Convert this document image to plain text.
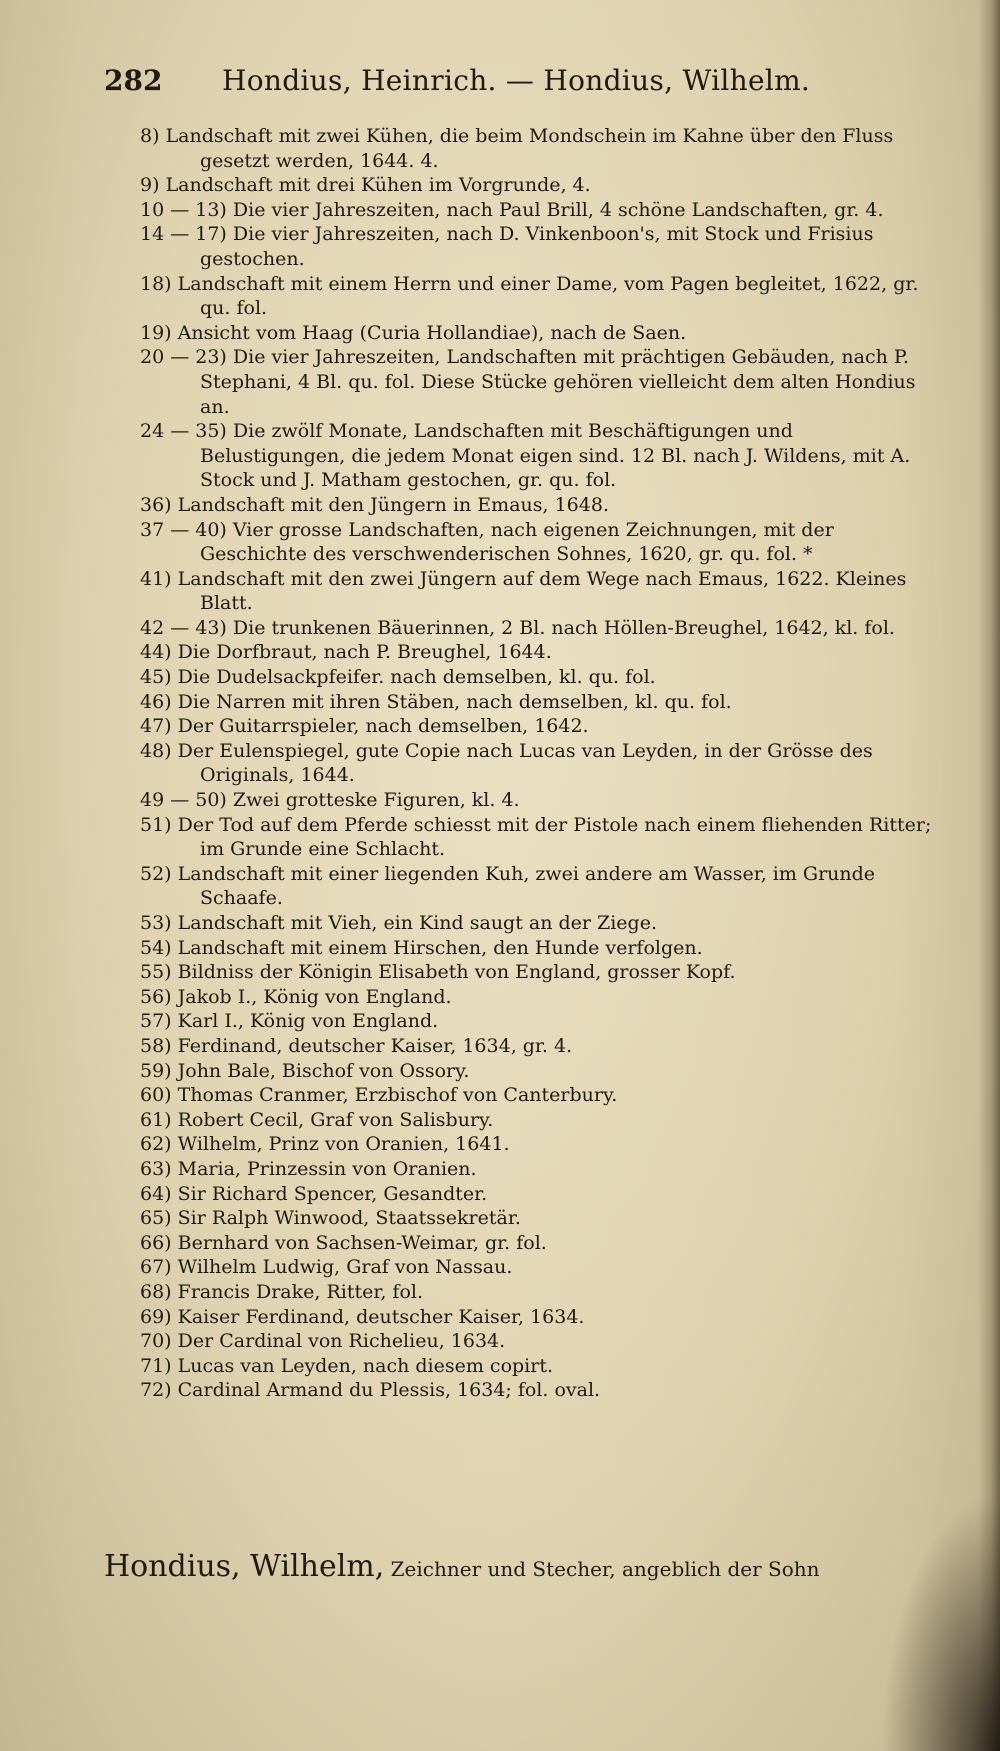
282 Hondius, Heinrich. — Hondius, Wilhelm.
8) Landschaft mit zwei Kühen, die beim Mondschein im Kahne über den Fluss gesetzt werden, 1644. 4.
9) Landschaft mit drei Kühen im Vorgrunde, 4.
10 — 13) Die vier Jahreszeiten, nach Paul Brill, 4 schöne Landschaften, gr. 4.
14 — 17) Die vier Jahreszeiten, nach D. Vinkenboon's, mit Stock und Frisius gestochen.
18) Landschaft mit einem Herrn und einer Dame, vom Pagen begleitet, 1622, gr. qu. fol.
19) Ansicht vom Haag (Curia Hollandiae), nach de Saen.
20 — 23) Die vier Jahreszeiten, Landschaften mit prächtigen Gebäuden, nach P. Stephani, 4 Bl. qu. fol. Diese Stücke gehören vielleicht dem alten Hondius an.
24 — 35) Die zwölf Monate, Landschaften mit Beschäftigungen und Belustigungen, die jedem Monat eigen sind. 12 Bl. nach J. Wildens, mit A. Stock und J. Matham gestochen, gr. qu. fol.
36) Landschaft mit den Jüngern in Emaus, 1648.
37 — 40) Vier grosse Landschaften, nach eigenen Zeichnungen, mit der Geschichte des verschwenderischen Sohnes, 1620, gr. qu. fol. *
41) Landschaft mit den zwei Jüngern auf dem Wege nach Emaus, 1622. Kleines Blatt.
42 — 43) Die trunkenen Bäuerinnen, 2 Bl. nach Höllen-Breughel, 1642, kl. fol.
44) Die Dorfbraut, nach P. Breughel, 1644.
45) Die Dudelsackpfeifer. nach demselben, kl. qu. fol.
46) Die Narren mit ihren Stäben, nach demselben, kl. qu. fol.
47) Der Guitarrspieler, nach demselben, 1642.
48) Der Eulenspiegel, gute Copie nach Lucas van Leyden, in der Grösse des Originals, 1644.
49 — 50) Zwei grotteske Figuren, kl. 4.
51) Der Tod auf dem Pferde schiesst mit der Pistole nach einem fliehenden Ritter; im Grunde eine Schlacht.
52) Landschaft mit einer liegenden Kuh, zwei andere am Wasser, im Grunde Schaafe.
53) Landschaft mit Vieh, ein Kind saugt an der Ziege.
54) Landschaft mit einem Hirschen, den Hunde verfolgen.
55) Bildniss der Königin Elisabeth von England, grosser Kopf.
56) Jakob I., König von England.
57) Karl I., König von England.
58) Ferdinand, deutscher Kaiser, 1634, gr. 4.
59) John Bale, Bischof von Ossory.
60) Thomas Cranmer, Erzbischof von Canterbury.
61) Robert Cecil, Graf von Salisbury.
62) Wilhelm, Prinz von Oranien, 1641.
63) Maria, Prinzessin von Oranien.
64) Sir Richard Spencer, Gesandter.
65) Sir Ralph Winwood, Staatssekretär.
66) Bernhard von Sachsen-Weimar, gr. fol.
67) Wilhelm Ludwig, Graf von Nassau.
68) Francis Drake, Ritter, fol.
69) Kaiser Ferdinand, deutscher Kaiser, 1634.
70) Der Cardinal von Richelieu, 1634.
71) Lucas van Leyden, nach diesem copirt.
72) Cardinal Armand du Plessis, 1634; fol. oval.
Hondius, Wilhelm, Zeichner und Stecher, angeblich der Sohn
